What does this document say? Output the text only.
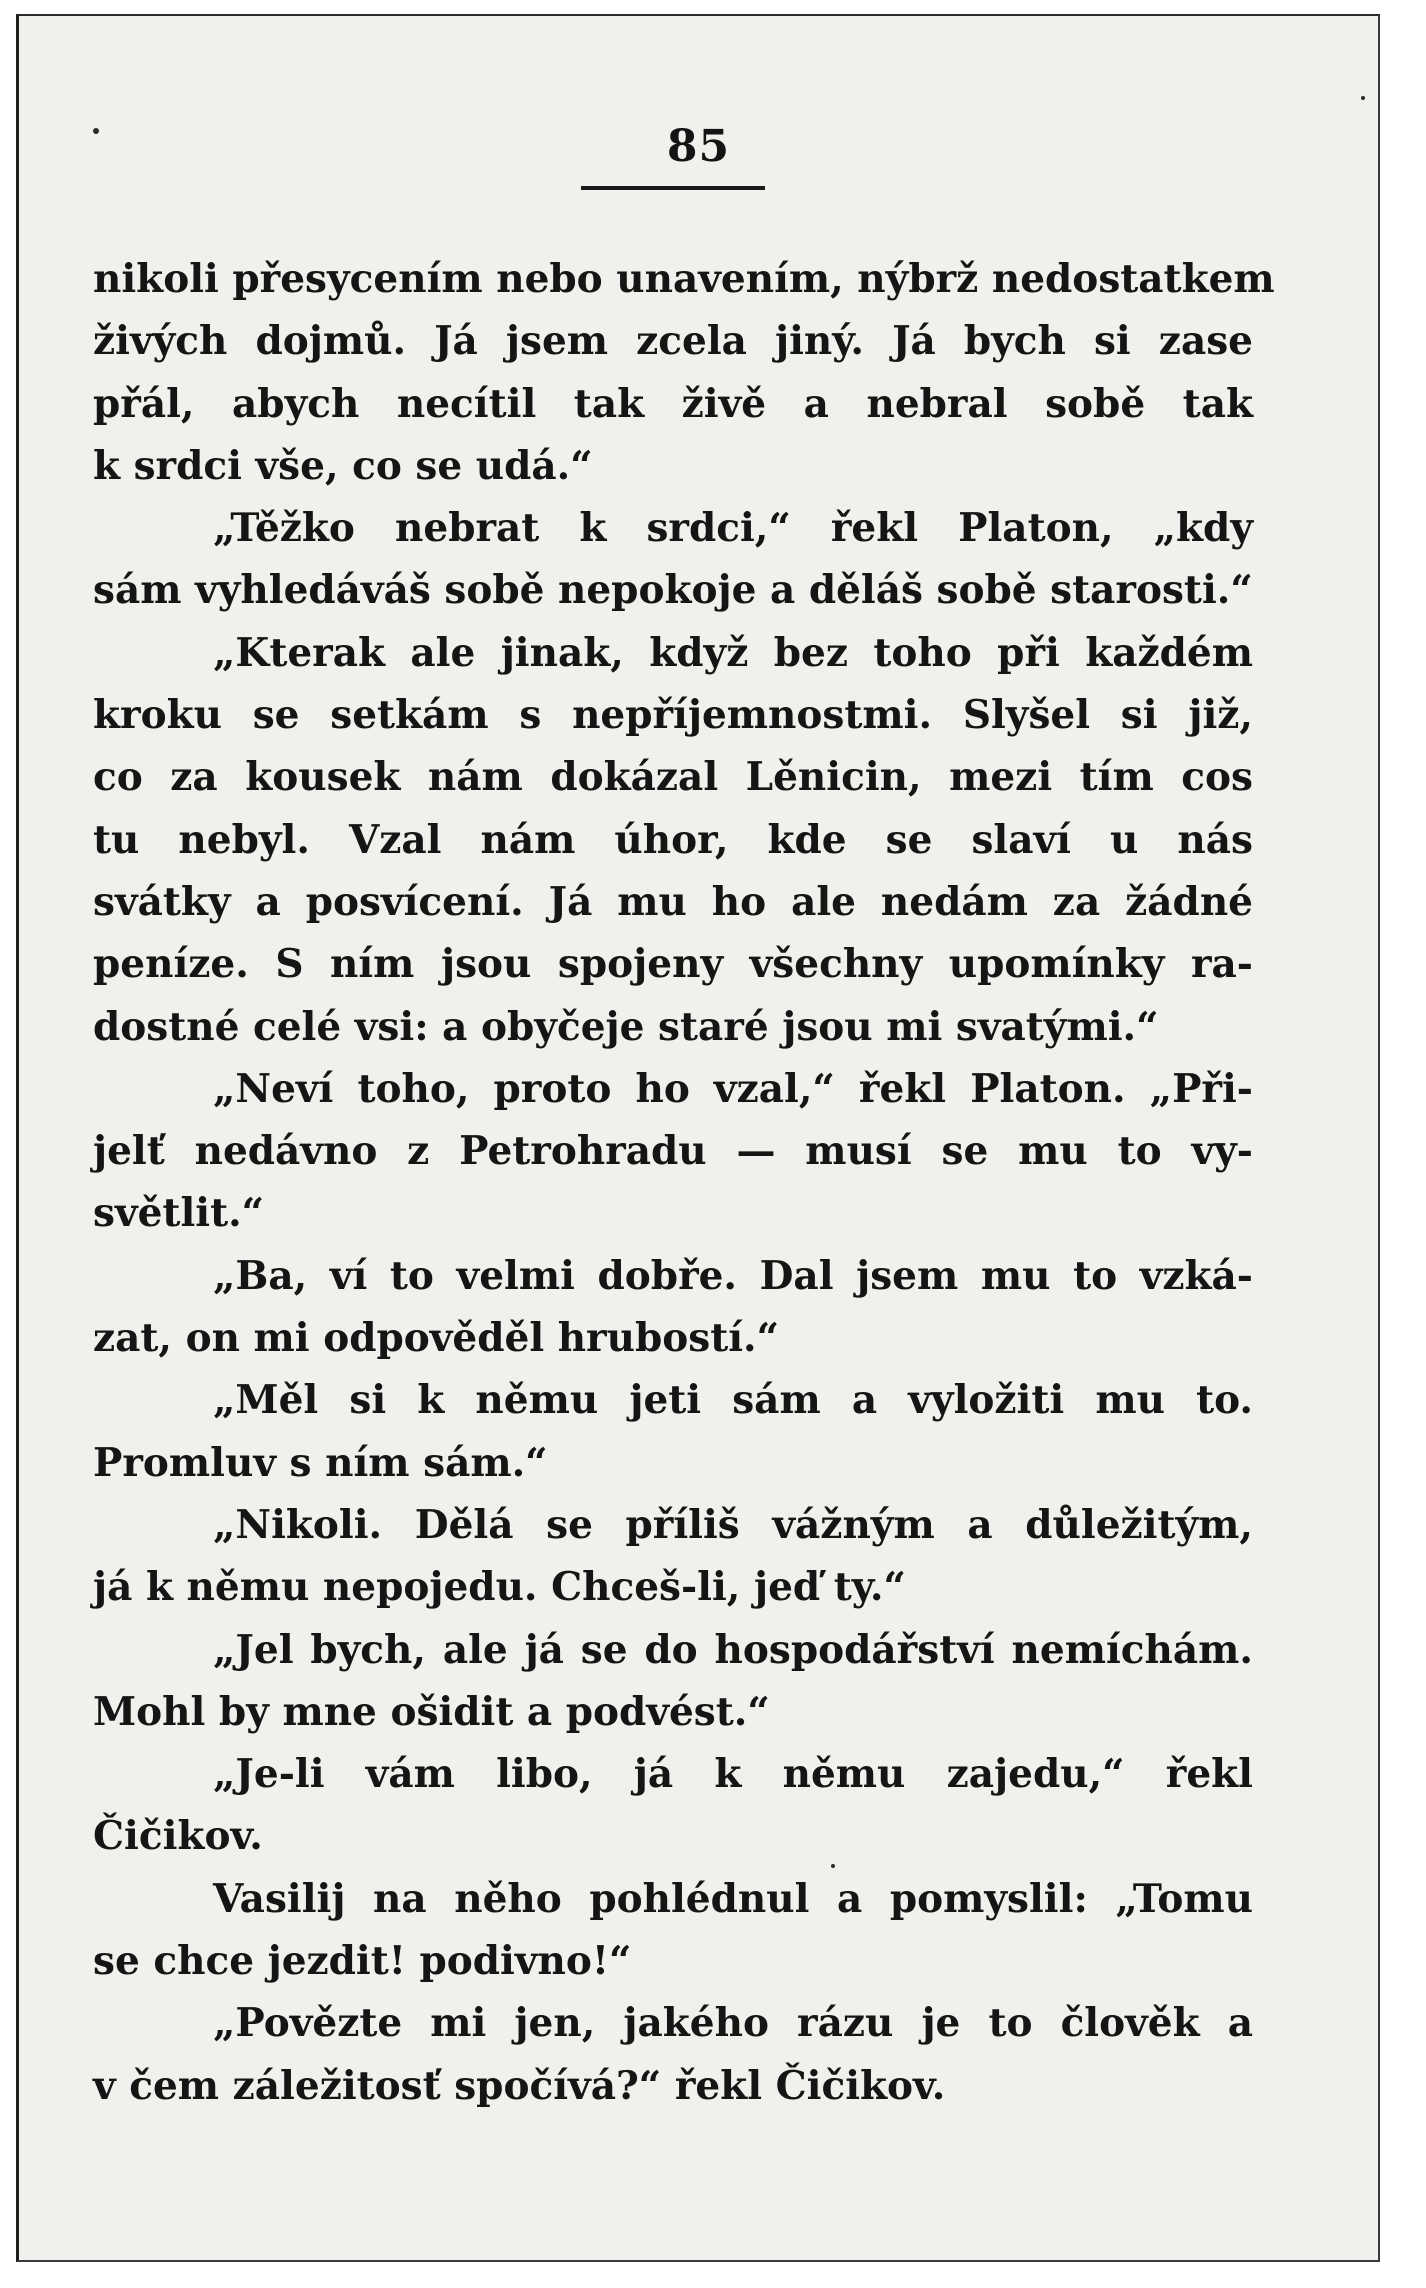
85
nikoli přesycením nebo unavením, nýbrž nedostatkem
živých dojmů. Já jsem zcela jiný. Já bych si zase
přál, abych necítil tak živě a nebral sobě tak
k srdci vše, co se udá.“
„Těžko nebrat k srdci,“ řekl Platon, „kdy
sám vyhledáváš sobě nepokoje a děláš sobě starosti.“
„Kterak ale jinak, když bez toho při každém
kroku se setkám s nepříjemnostmi. Slyšel si již,
co za kousek nám dokázal Lěnicin, mezi tím cos
tu nebyl. Vzal nám úhor, kde se slaví u nás
svátky a posvícení. Já mu ho ale nedám za žádné
peníze. S ním jsou spojeny všechny upomínky ra-
dostné celé vsi: a obyčeje staré jsou mi svatými.“
„Neví toho, proto ho vzal,“ řekl Platon. „Při-
jelť nedávno z Petrohradu — musí se mu to vy-
světlit.“
„Ba, ví to velmi dobře. Dal jsem mu to vzká-
zat, on mi odpověděl hrubostí.“
„Měl si k němu jeti sám a vyložiti mu to.
Promluv s ním sám.“
„Nikoli. Dělá se příliš vážným a důležitým,
já k němu nepojedu. Chceš-li, jeď ty.“
„Jel bych, ale já se do hospodářství nemíchám.
Mohl by mne ošidit a podvést.“
„Je-li vám libo, já k němu zajedu,“ řekl
Čičikov.
Vasilij na něho pohlédnul a pomyslil: „Tomu
se chce jezdit! podivno!“
„Povězte mi jen, jakého rázu je to člověk a
v čem záležitosť spočívá?“ řekl Čičikov.
